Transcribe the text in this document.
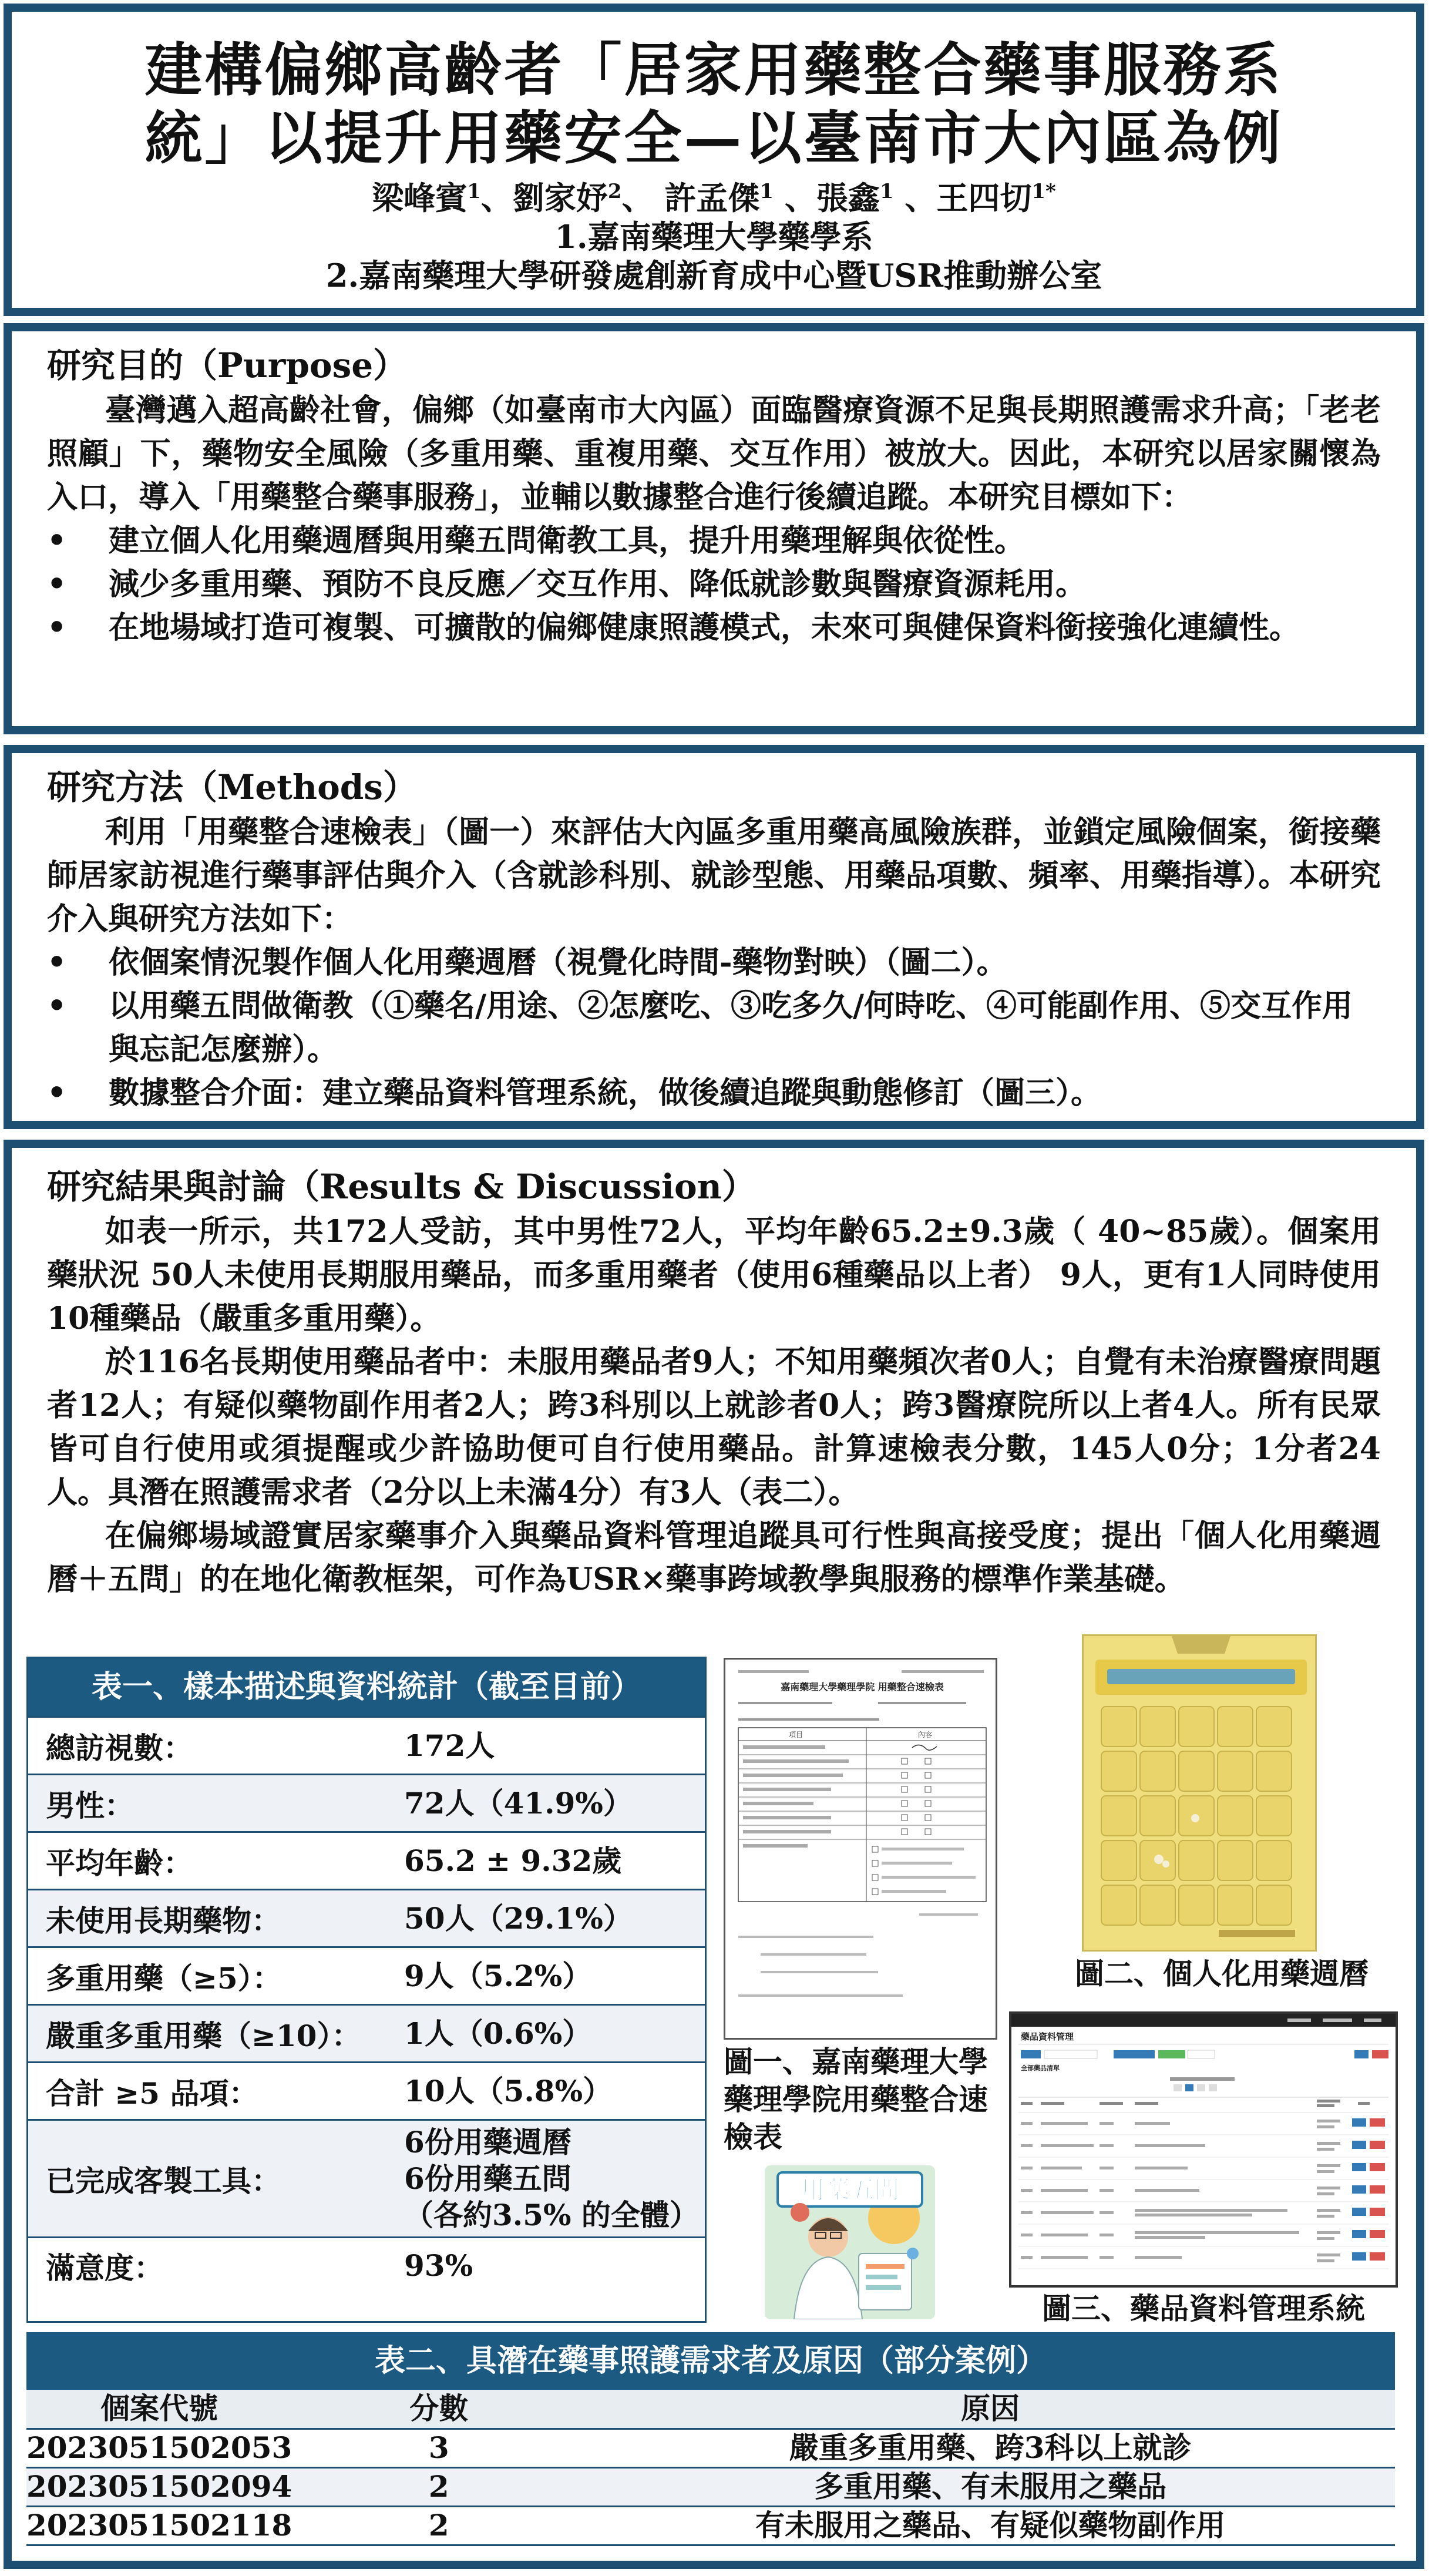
建構偏鄉高齡者「居家用藥整合藥事服務系
統」以提升用藥安全—以臺南市大內區為例
梁峰賓$^1$、劉家妤$^2$、 許孟傑$^1$ 、張鑫$^1$ 、王四切$^{1*}$
1.嘉南藥理大學藥學系
2.嘉南藥理大學研發處創新育成中心暨USR推動辦公室
研究目的（Purpose）
臺灣邁入超高齡社會，偏鄉（如臺南市大內區）面臨醫療資源不足與長期照護需求升高；「老老照顧」下，藥物安全風險（多重用藥、重複用藥、交互作用）被放大。因此，本研究以居家關懷為入口，導入「用藥整合藥事服務」，並輔以數據整合進行後續追蹤。本研究目標如下：
• 建立個人化用藥週曆與用藥五問衛教工具，提升用藥理解與依從性。
• 減少多重用藥、預防不良反應／交互作用、降低就診數與醫療資源耗用。
• 在地場域打造可複製、可擴散的偏鄉健康照護模式，未來可與健保資料銜接強化連續性。
研究方法（Methods）
利用「用藥整合速檢表」（圖一）來評估大內區多重用藥高風險族群，並鎖定風險個案，銜接藥師居家訪視進行藥事評估與介入（含就診科別、就診型態、用藥品項數、頻率、用藥指導）。本研究介入與研究方法如下：
• 依個案情況製作個人化用藥週曆（視覺化時間-藥物對映）（圖二）。
• 以用藥五問做衛教（①藥名/用途、②怎麼吃、③吃多久/何時吃、④可能副作用、⑤交互作用與忘記怎麼辦）。
• 數據整合介面：建立藥品資料管理系統，做後續追蹤與動態修訂（圖三）。
研究結果與討論（Results & Discussion）
如表一所示，共172人受訪，其中男性72人，平均年齡65.2±9.3歲（ 40~85歲）。個案用藥狀況 50人未使用長期服用藥品，而多重用藥者（使用6種藥品以上者） 9人，更有1人同時使用10種藥品（嚴重多重用藥）。
於116名長期使用藥品者中：未服用藥品者9人；不知用藥頻次者0人；自覺有未治療醫療問題者12人；有疑似藥物副作用者2人；跨3科別以上就診者0人；跨3醫療院所以上者4人。所有民眾皆可自行使用或須提醒或少許協助便可自行使用藥品。計算速檢表分數，145人0分；1分者24人。具潛在照護需求者（2分以上未滿4分）有3人（表二）。
在偏鄉場域證實居家藥事介入與藥品資料管理追蹤具可行性與高接受度；提出「個人化用藥週曆＋五問」的在地化衛教框架，可作為USR×藥事跨域教學與服務的標準作業基礎。
表一、樣本描述與資料統計（截至目前）
總訪視數：	172人
男性：	72人（41.9%）
平均年齡：	65.2 ± 9.32歲
未使用長期藥物：	50人（29.1%）
多重用藥（≥5）：	9人（5.2%）
嚴重多重用藥（≥10）：	1人（0.6%）
合計 ≥5 品項：	10人（5.8%）
已完成客製工具：
6份用藥週曆
6份用藥五問
（各約3.5% 的全體）
滿意度：	93%
嘉南藥理大學藥理學院 用藥整合速檢表
項目	內容
圖一、嘉南藥理大學藥理學院用藥整合速檢表
用藥五問
圖二、個人化用藥週曆
藥品資料管理
全部藥品清單
圖三、藥品資料管理系統
表二、具潛在藥事照護需求者及原因（部分案例）
個案代號	分數	原因
2023051502053	3	嚴重多重用藥、跨3科以上就診
2023051502094	2	多重用藥、有未服用之藥品
2023051502118	2	有未服用之藥品、有疑似藥物副作用
